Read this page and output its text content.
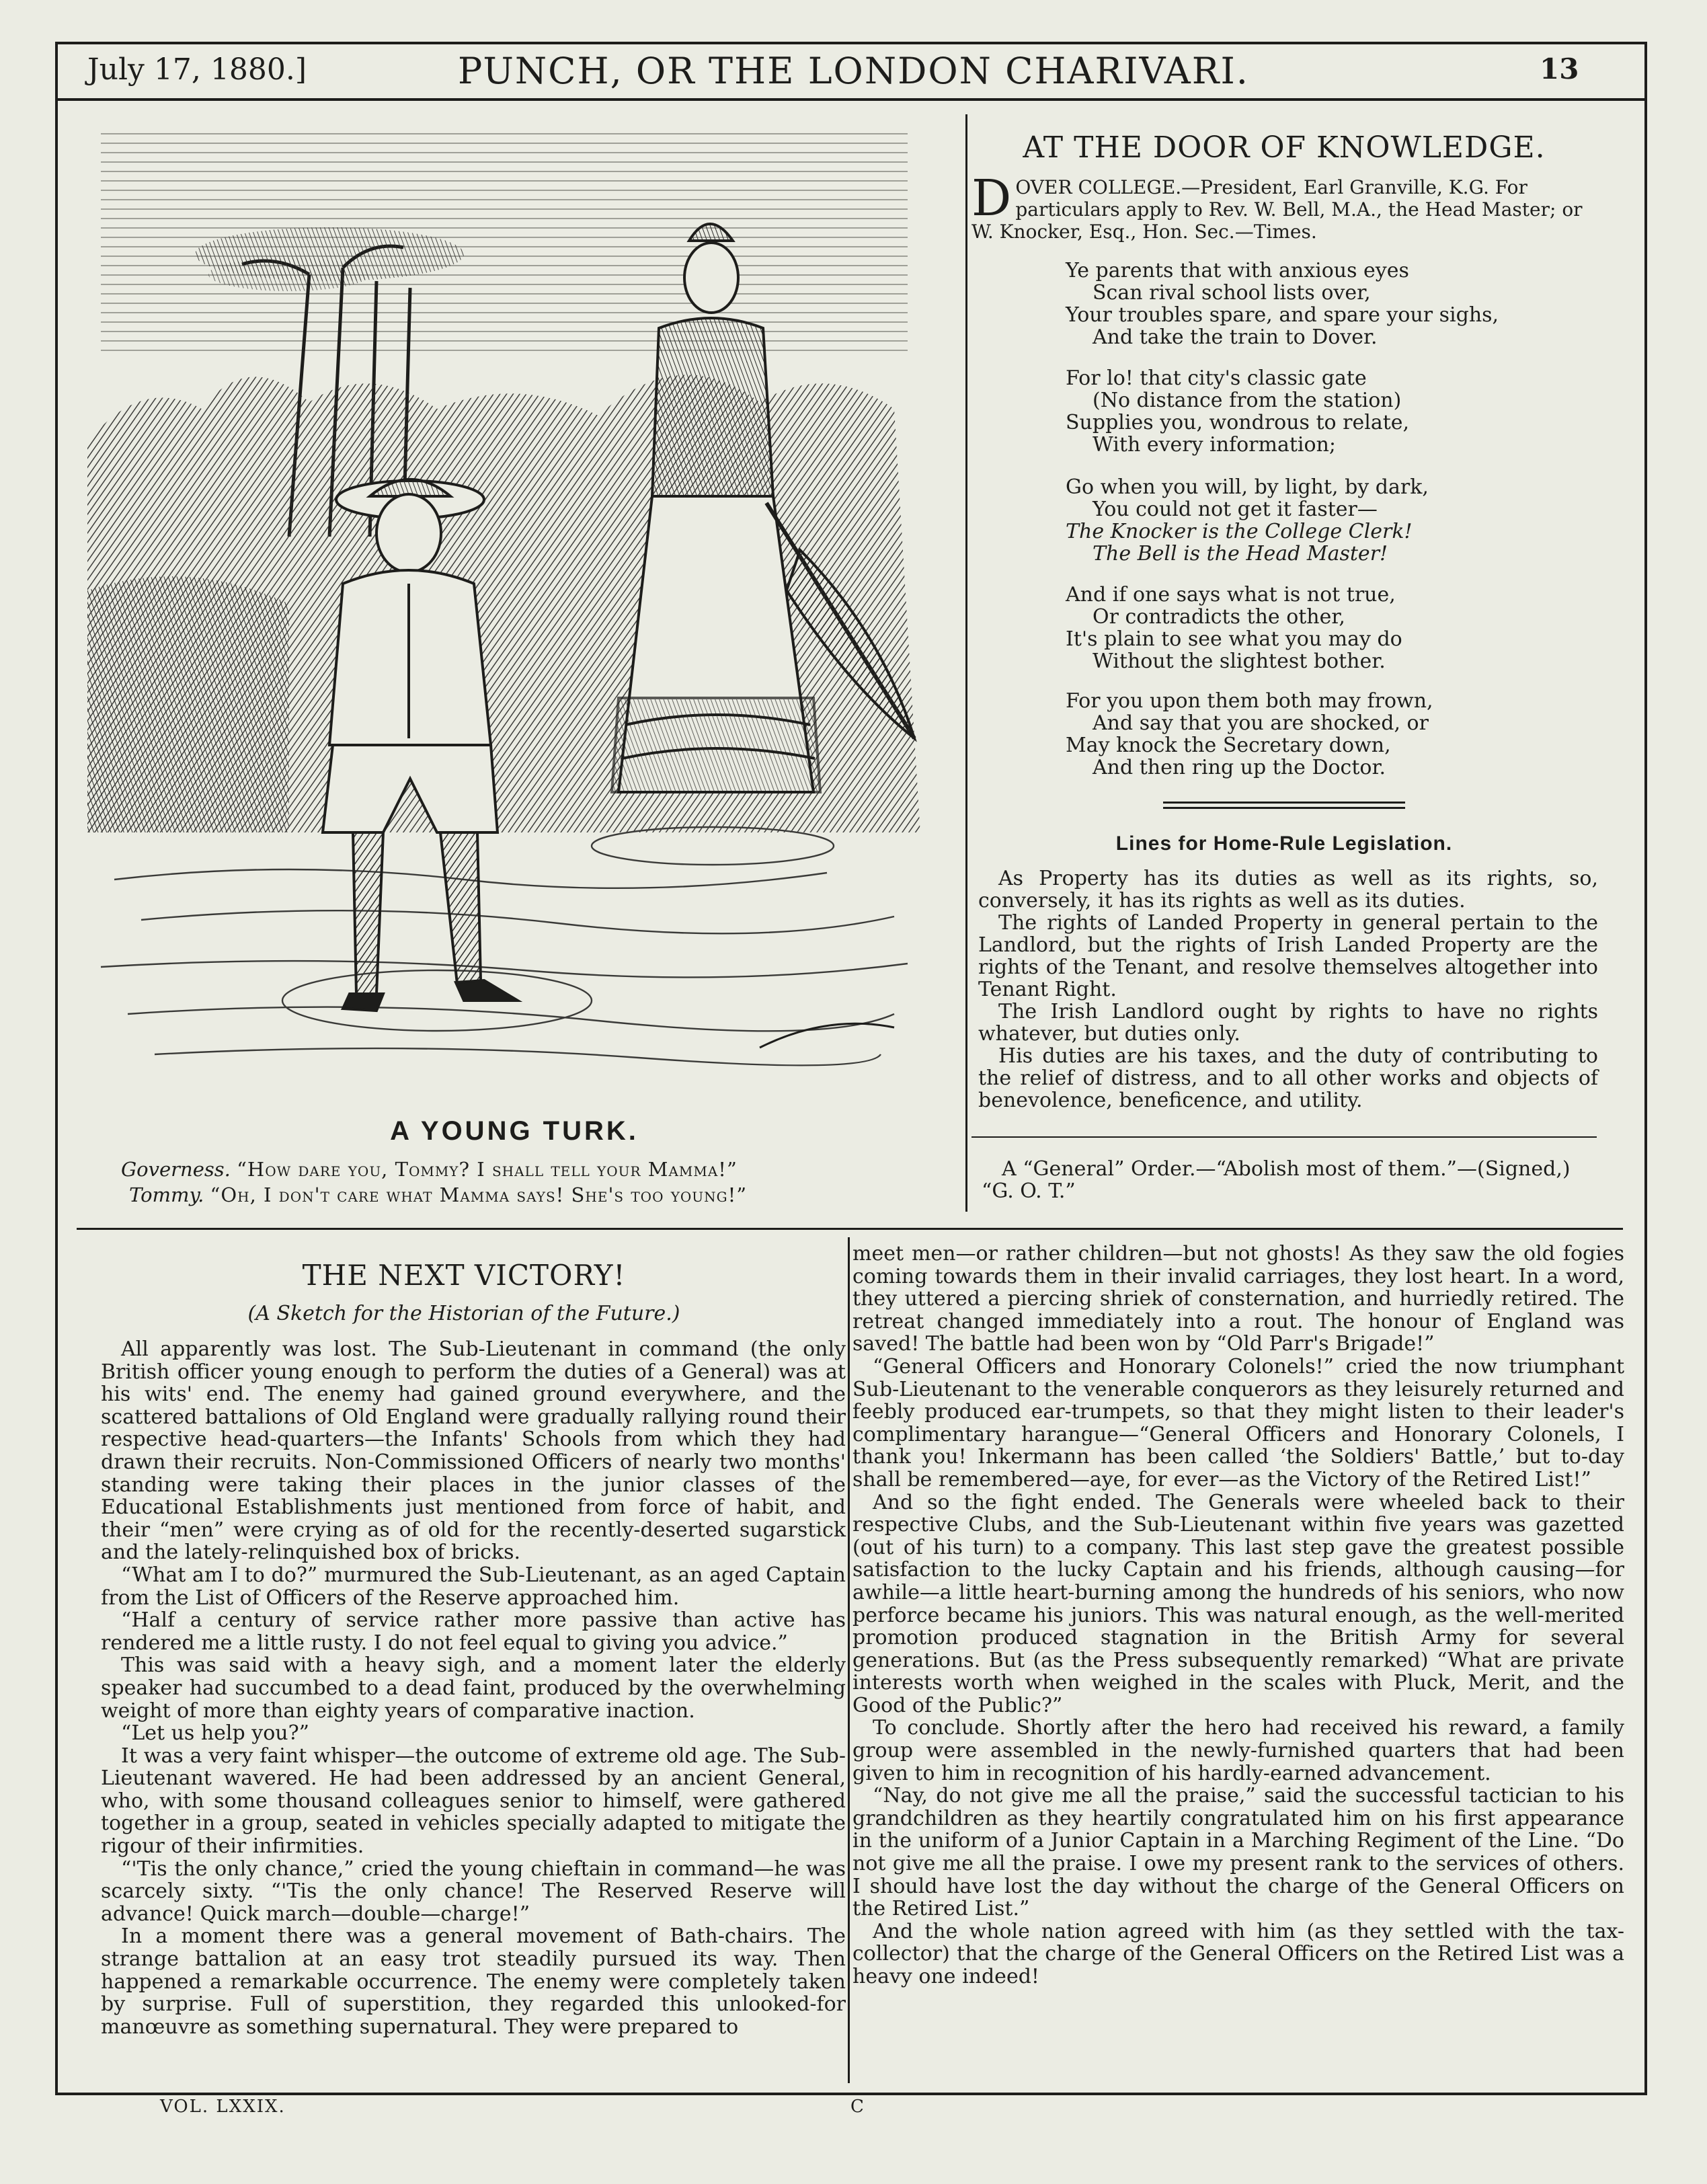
July 17, 1880.]	PUNCH, OR THE LONDON CHARIVARI.	13
A YOUNG TURK.
Governess. “How dare you, Tommy? I shall tell your Mamma!”
Tommy. “Oh, I don't care what Mamma says! She's too young!”
AT THE DOOR OF KNOWLEDGE.
D OVER COLLEGE.—President, Earl Granville, K.G. For particulars apply to Rev. W. Bell, M.A., the Head Master; or W. Knocker, Esq., Hon. Sec.—Times.
Ye parents that with anxious eyes
Scan rival school lists over,
Your troubles spare, and spare your sighs,
And take the train to Dover.
For lo! that city's classic gate
(No distance from the station)
Supplies you, wondrous to relate,
With every information;
Go when you will, by light, by dark,
You could not get it faster—
The Knocker is the College Clerk!
The Bell is the Head Master!
And if one says what is not true,
Or contradicts the other,
It's plain to see what you may do
Without the slightest bother.
For you upon them both may frown,
And say that you are shocked, or
May knock the Secretary down,
And then ring up the Doctor.
Lines for Home-Rule Legislation.

As Property has its duties as well as its rights, so, conversely, it has its rights as well as its duties.

The rights of Landed Property in general pertain to the Landlord, but the rights of Irish Landed Property are the rights of the Tenant, and resolve themselves altogether into Tenant Right.

The Irish Landlord ought by rights to have no rights whatever, but duties only.

His duties are his taxes, and the duty of contributing to the relief of distress, and to all other works and objects of benevolence, beneficence, and utility.

A “General” Order.—“Abolish most of them.”—(Signed,) “G. O. T.”

THE NEXT VICTORY!
(A Sketch for the Historian of the Future.)

All apparently was lost. The Sub-Lieutenant in command (the only British officer young enough to perform the duties of a General) was at his wits' end. The enemy had gained ground everywhere, and the scattered battalions of Old England were gradually rallying round their respective head-quarters—the Infants' Schools from which they had drawn their recruits. Non-Commissioned Officers of nearly two months' standing were taking their places in the junior classes of the Educational Establishments just mentioned from force of habit, and their “men” were crying as of old for the recently-deserted sugarstick and the lately-relinquished box of bricks.

“What am I to do?” murmured the Sub-Lieutenant, as an aged Captain from the List of Officers of the Reserve approached him.

“Half a century of service rather more passive than active has rendered me a little rusty. I do not feel equal to giving you advice.”

This was said with a heavy sigh, and a moment later the elderly speaker had succumbed to a dead faint, produced by the overwhelming weight of more than eighty years of comparative inaction.

“Let us help you?”

It was a very faint whisper—the outcome of extreme old age. The Sub-Lieutenant wavered. He had been addressed by an ancient General, who, with some thousand colleagues senior to himself, were gathered together in a group, seated in vehicles specially adapted to mitigate the rigour of their infirmities.

“'Tis the only chance,” cried the young chieftain in command—he was scarcely sixty. “'Tis the only chance! The Reserved Reserve will advance! Quick march—double—charge!”

In a moment there was a general movement of Bath-chairs. The strange battalion at an easy trot steadily pursued its way. Then happened a remarkable occurrence. The enemy were completely taken by surprise. Full of superstition, they regarded this unlooked-for manœuvre as something supernatural. They were prepared to

meet men—or rather children—but not ghosts! As they saw the old fogies coming towards them in their invalid carriages, they lost heart. In a word, they uttered a piercing shriek of consternation, and hurriedly retired. The retreat changed immediately into a rout. The honour of England was saved! The battle had been won by “Old Parr's Brigade!”

“General Officers and Honorary Colonels!” cried the now triumphant Sub-Lieutenant to the venerable conquerors as they leisurely returned and feebly produced ear-trumpets, so that they might listen to their leader's complimentary harangue—“General Officers and Honorary Colonels, I thank you! Inkermann has been called ‘the Soldiers' Battle,’ but to-day shall be remembered—aye, for ever—as the Victory of the Retired List!”

And so the fight ended. The Generals were wheeled back to their respective Clubs, and the Sub-Lieutenant within five years was gazetted (out of his turn) to a company. This last step gave the greatest possible satisfaction to the lucky Captain and his friends, although causing—for awhile—a little heart-burning among the hundreds of his seniors, who now perforce became his juniors. This was natural enough, as the well-merited promotion produced stagnation in the British Army for several generations. But (as the Press subsequently remarked) “What are private interests worth when weighed in the scales with Pluck, Merit, and the Good of the Public?”

To conclude. Shortly after the hero had received his reward, a family group were assembled in the newly-furnished quarters that had been given to him in recognition of his hardly-earned advancement.

“Nay, do not give me all the praise,” said the successful tactician to his grandchildren as they heartily congratulated him on his first appearance in the uniform of a Junior Captain in a Marching Regiment of the Line. “Do not give me all the praise. I owe my present rank to the services of others. I should have lost the day without the charge of the General Officers on the Retired List.”

And the whole nation agreed with him (as they settled with the tax-collector) that the charge of the General Officers on the Retired List was a heavy one indeed!

VOL. LXXIX.	C
